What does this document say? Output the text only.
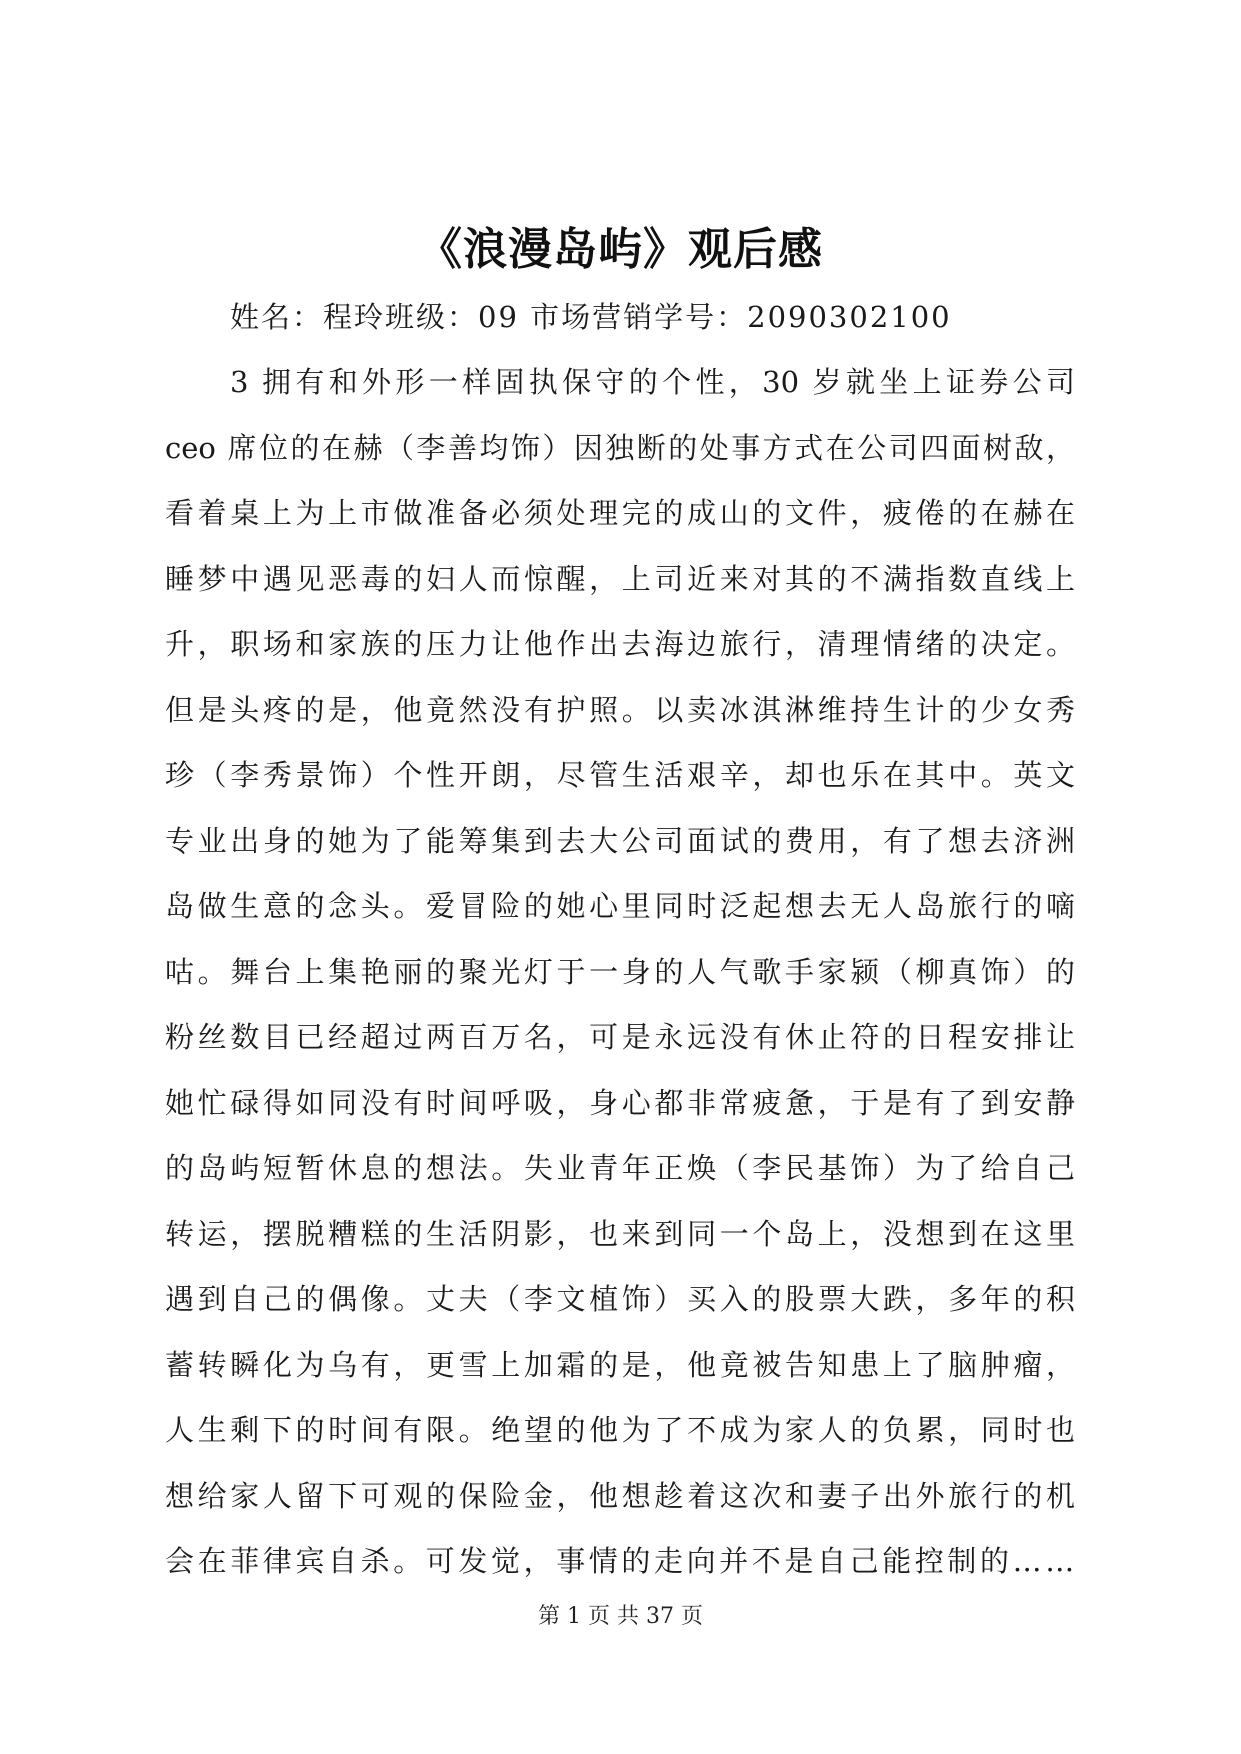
《浪漫岛屿》观后感
姓名：程玲班级：09 市场营销学号：2090302100
3 拥有和外形一样固执保守的个性，30 岁就坐上证券公司
ceo 席位的在赫（李善均饰）因独断的处事方式在公司四面树敌，
看着桌上为上市做准备必须处理完的成山的文件，疲倦的在赫在
睡梦中遇见恶毒的妇人而惊醒，上司近来对其的不满指数直线上
升，职场和家族的压力让他作出去海边旅行，清理情绪的决定。
但是头疼的是，他竟然没有护照。以卖冰淇淋维持生计的少女秀
珍（李秀景饰）个性开朗，尽管生活艰辛，却也乐在其中。英文
专业出身的她为了能筹集到去大公司面试的费用，有了想去济洲
岛做生意的念头。爱冒险的她心里同时泛起想去无人岛旅行的嘀
咕。舞台上集艳丽的聚光灯于一身的人气歌手家颍（柳真饰）的
粉丝数目已经超过两百万名，可是永远没有休止符的日程安排让
她忙碌得如同没有时间呼吸，身心都非常疲惫，于是有了到安静
的岛屿短暂休息的想法。失业青年正焕（李民基饰）为了给自己
转运，摆脱糟糕的生活阴影，也来到同一个岛上，没想到在这里
遇到自己的偶像。丈夫（李文植饰）买入的股票大跌，多年的积
蓄转瞬化为乌有，更雪上加霜的是，他竟被告知患上了脑肿瘤，
人生剩下的时间有限。绝望的他为了不成为家人的负累，同时也
想给家人留下可观的保险金，他想趁着这次和妻子出外旅行的机
会在菲律宾自杀。可发觉，事情的走向并不是自己能控制的……
第 1 页 共 37 页
